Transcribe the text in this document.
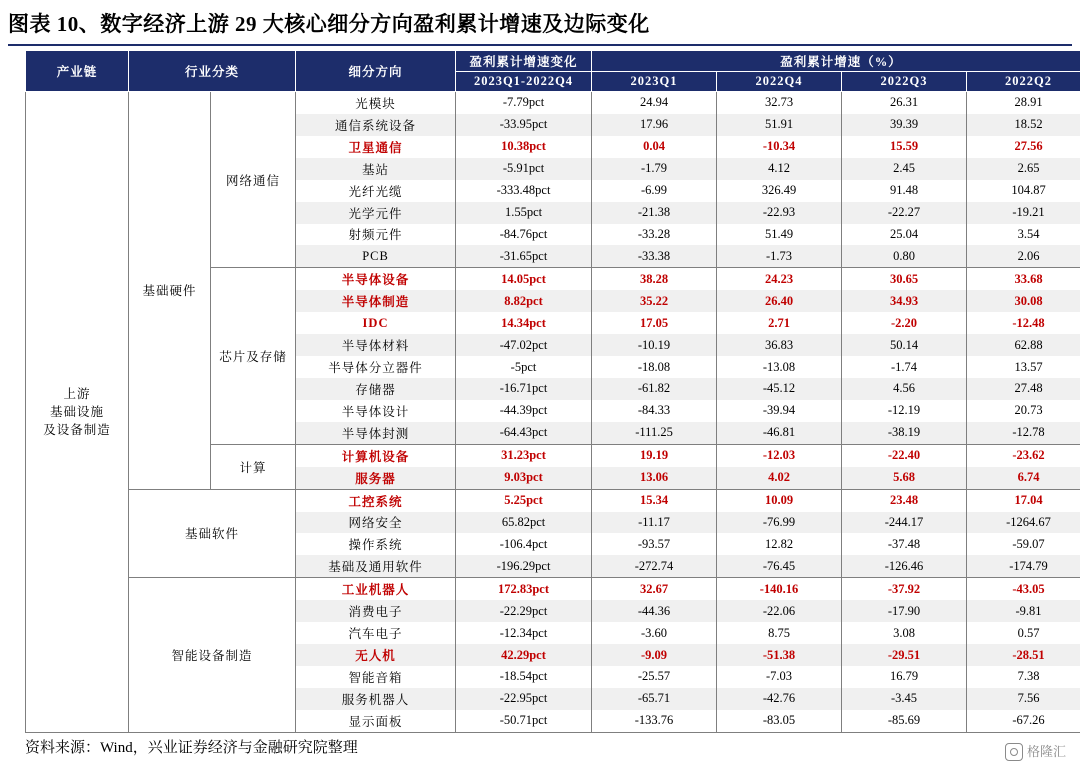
图表 10、数字经济上游 29 大核心细分方向盈利累计增速及边际变化
产业链	行业分类		细分方向	盈利累计增速变化	盈利累计增速（%）			
				2023Q1-2022Q4	2023Q1	2022Q4	2022Q3	2022Q2
上游
基础设施
及设备制造	基础硬件	网络通信	光模块	-7.79pct	24.94	32.73	26.31	28.91
			通信系统设备	-33.95pct	17.96	51.91	39.39	18.52
			卫星通信	10.38pct	0.04	-10.34	15.59	27.56
			基站	-5.91pct	-1.79	4.12	2.45	2.65
			光纤光缆	-333.48pct	-6.99	326.49	91.48	104.87
			光学元件	1.55pct	-21.38	-22.93	-22.27	-19.21
			射频元件	-84.76pct	-33.28	51.49	25.04	3.54
			PCB	-31.65pct	-33.38	-1.73	0.80	2.06
		芯片及存储	半导体设备	14.05pct	38.28	24.23	30.65	33.68
			半导体制造	8.82pct	35.22	26.40	34.93	30.08
			IDC	14.34pct	17.05	2.71	-2.20	-12.48
			半导体材料	-47.02pct	-10.19	36.83	50.14	62.88
			半导体分立器件	-5pct	-18.08	-13.08	-1.74	13.57
			存储器	-16.71pct	-61.82	-45.12	4.56	27.48
			半导体设计	-44.39pct	-84.33	-39.94	-12.19	20.73
			半导体封测	-64.43pct	-111.25	-46.81	-38.19	-12.78
		计算	计算机设备	31.23pct	19.19	-12.03	-22.40	-23.62
			服务器	9.03pct	13.06	4.02	5.68	6.74
	基础软件		工控系统	5.25pct	15.34	10.09	23.48	17.04
			网络安全	65.82pct	-11.17	-76.99	-244.17	-1264.67
			操作系统	-106.4pct	-93.57	12.82	-37.48	-59.07
			基础及通用软件	-196.29pct	-272.74	-76.45	-126.46	-174.79
	智能设备制造		工业机器人	172.83pct	32.67	-140.16	-37.92	-43.05
			消费电子	-22.29pct	-44.36	-22.06	-17.90	-9.81
			汽车电子	-12.34pct	-3.60	8.75	3.08	0.57
			无人机	42.29pct	-9.09	-51.38	-29.51	-28.51
			智能音箱	-18.54pct	-25.57	-7.03	16.79	7.38
			服务机器人	-22.95pct	-65.71	-42.76	-3.45	7.56
			显示面板	-50.71pct	-133.76	-83.05	-85.69	-67.26
资料来源：Wind，兴业证券经济与金融研究院整理	格隆汇
